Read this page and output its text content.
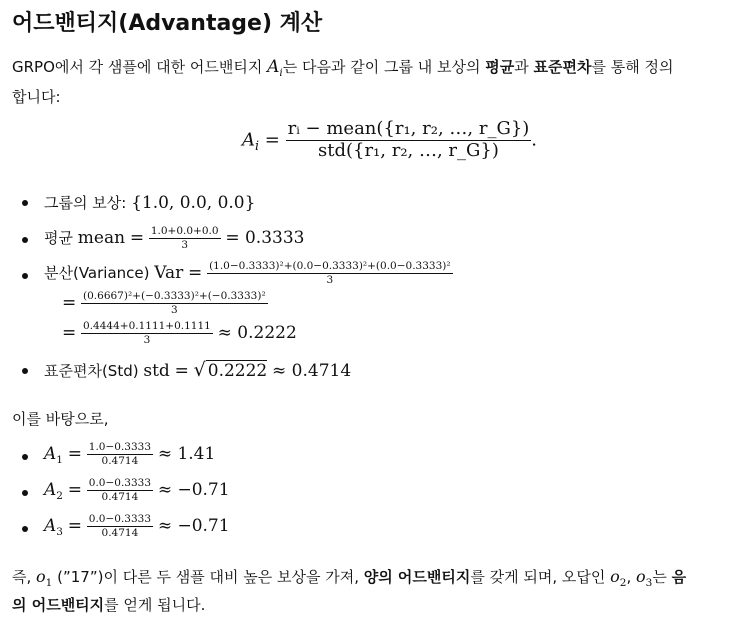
어드밴티지(Advantage) 계산
GRPO에서 각 샘플에 대한 어드밴티지 $A_i$는 다음과 같이 그룹 내 보상의 평균과 표준편차를 통해 정의
합니다:
$A_i = \frac{\text{rᵢ − mean(\{r₁, r₂, …, r\_G\})}}{\text{std(\{r₁, r₂, …, r\_G\})}}$ .
그룹의 보상: {1.0, 0.0, 0.0}
평균 mean = $\frac{1.0+0.0+0.0}{3} = 0.3333$
분산(Variance) Var = $\frac{\text{(1.0−0.3333)²+(0.0−0.3333)²+(0.0−0.3333)²}}{3}$
= $\frac{\text{(0.6667)²+(−0.3333)²+(−0.3333)²}}{3}$
= $\frac{0.4444+0.1111+0.1111}{3} \approx 0.2222$
표준편차(Std) std = √ 0.2222 ≈ 0.4714
이를 바탕으로,
$A_1 = \frac{1.0-0.3333}{0.4714} \approx 1.41$
$A_2 = \frac{0.0-0.3333}{0.4714} \approx -0.71$
$A_3 = \frac{0.0-0.3333}{0.4714} \approx -0.71$
즉, $o_1$ (”17”)이 다른 두 샘플 대비 높은 보상을 가져, 양의 어드밴티지를 갖게 되며, 오답인 $o_2$, $o_3$는 음
의 어드밴티지를 얻게 됩니다.
